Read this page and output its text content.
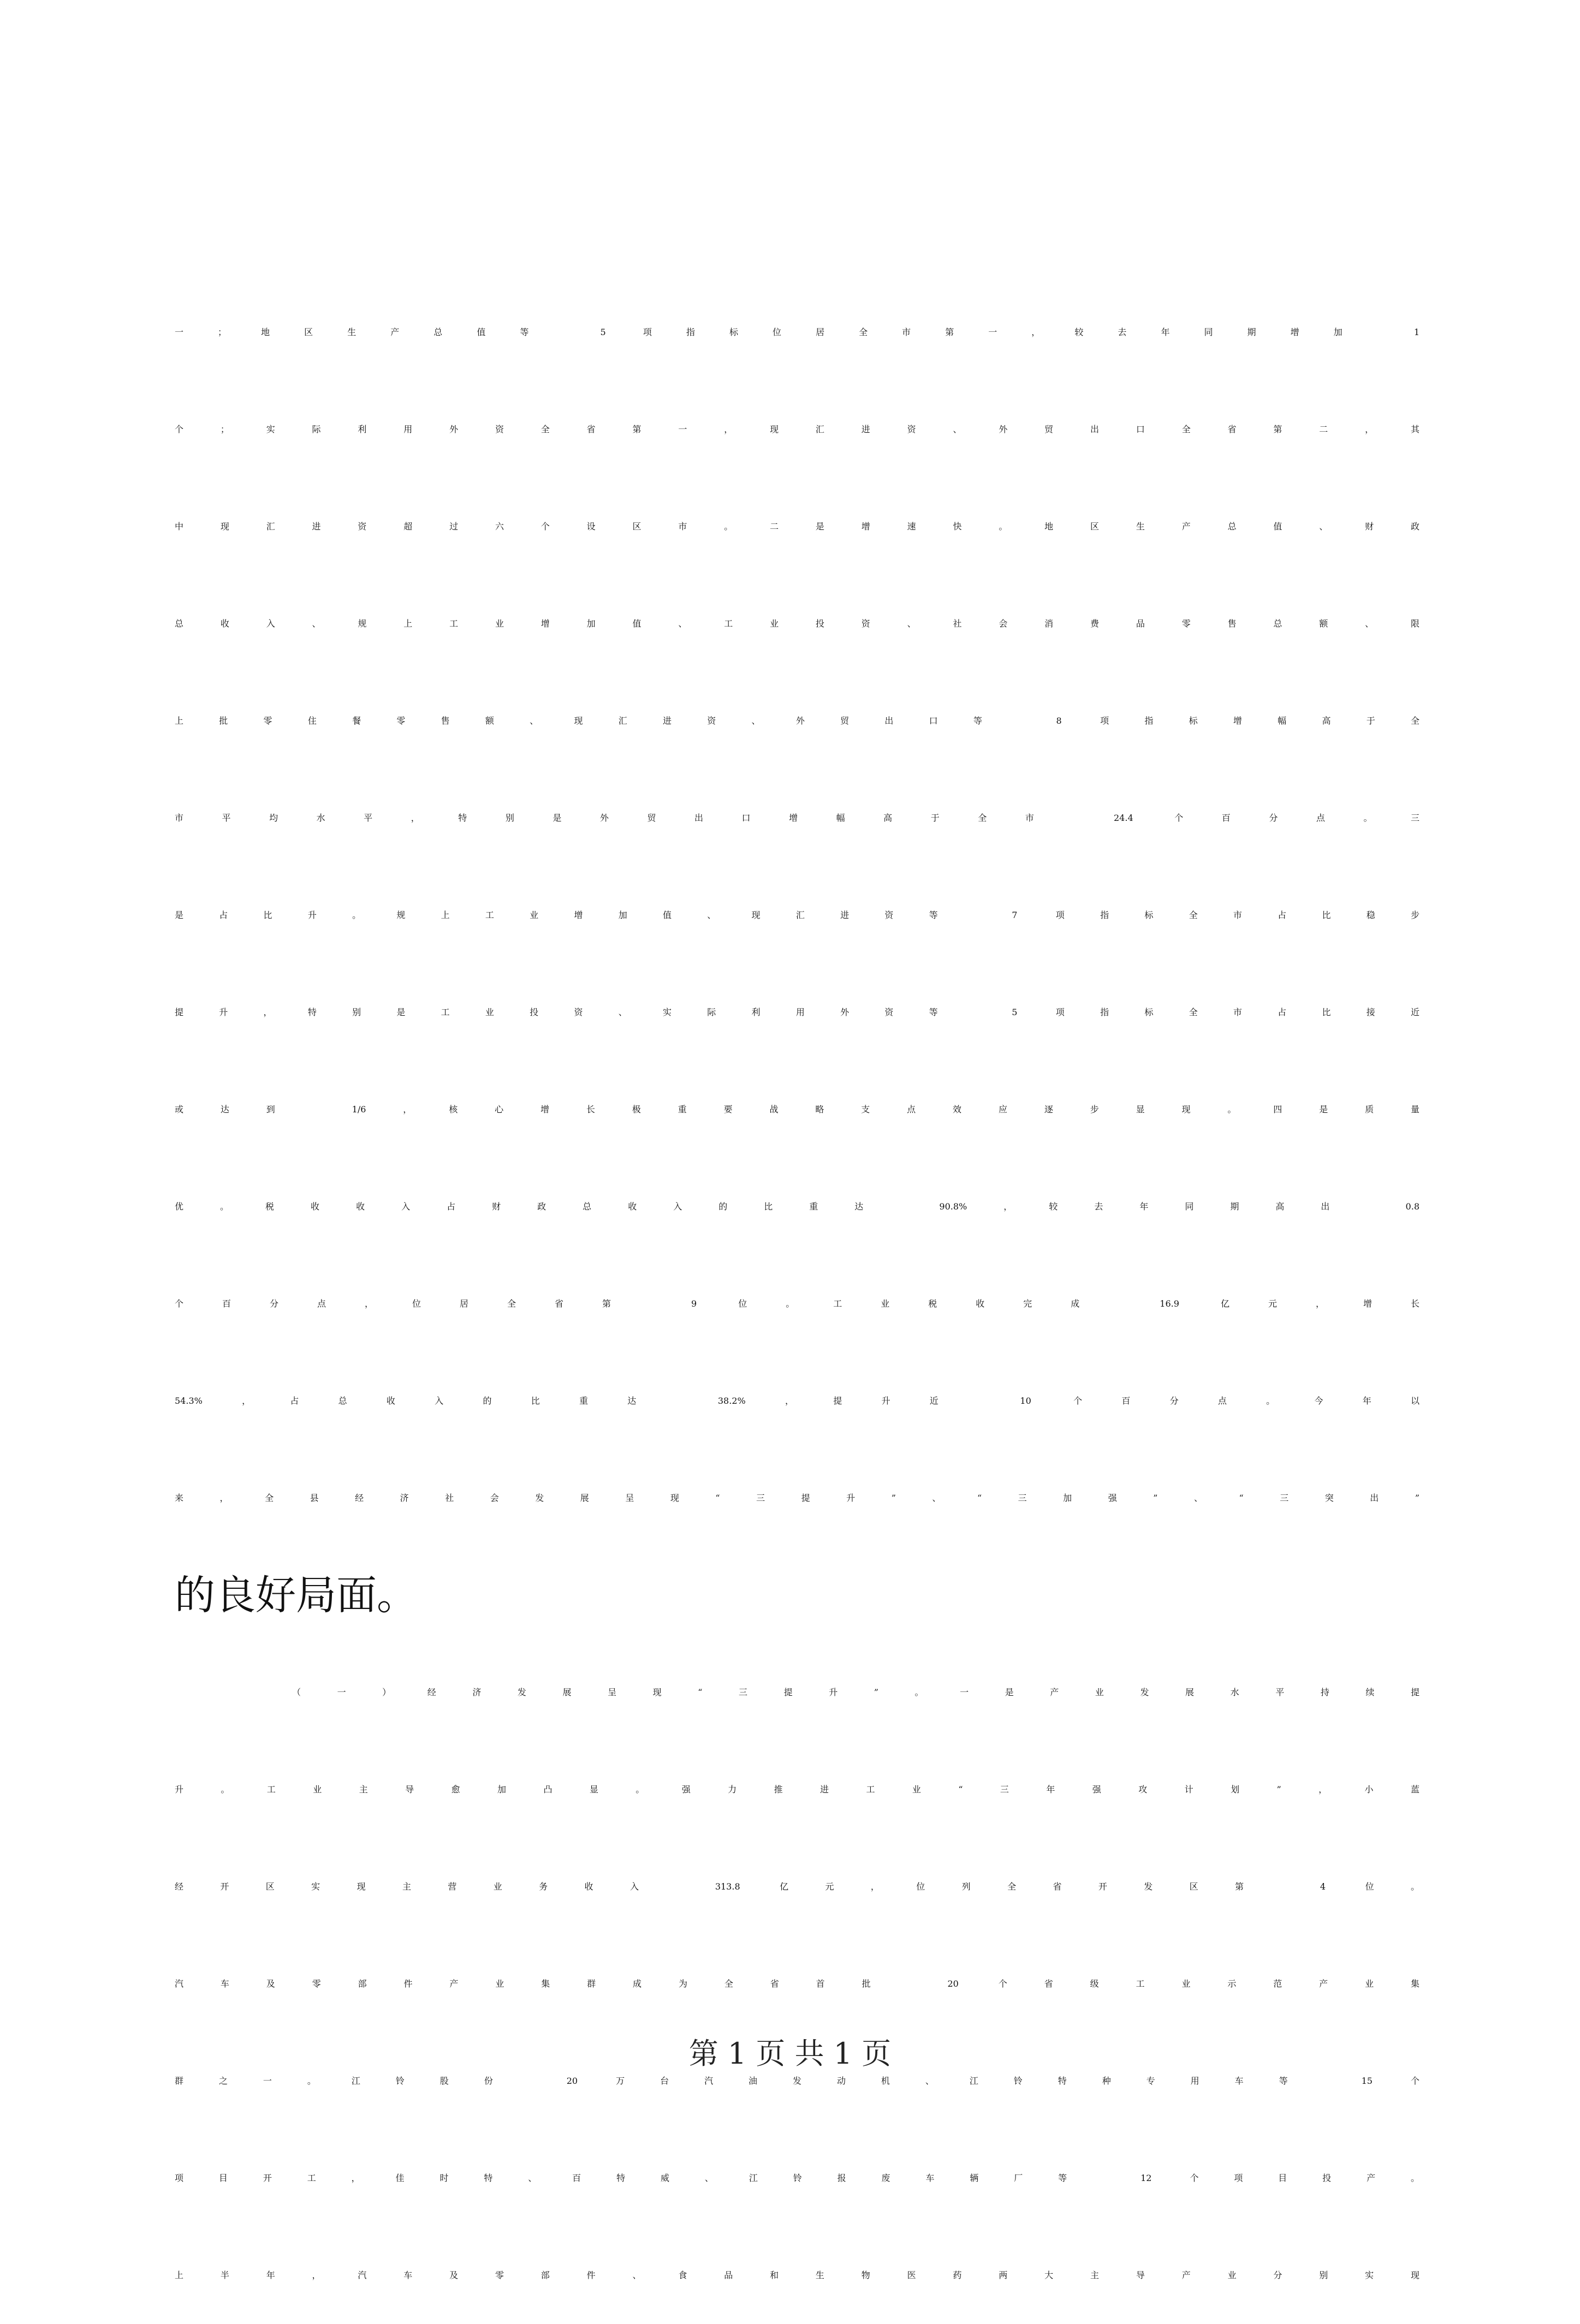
一；地区生产总值等 5 项指标位居全市第一，较去年同期增加 1
个；实际利用外资全省第一，现汇进资、外贸出口全省第二，其
中现汇进资超过六个设区市。二是增速快。地区生产总值、财政
总收入、规上工业增加值、工业投资、社会消费品零售总额、限
上批零住餐零售额、现汇进资、外贸出口等 8 项指标增幅高于全
市平均水平，特别是外贸出口增幅高于全市 24.4 个百分点。三
是占比升。规上工业增加值、现汇进资等 7 项指标全市占比稳步
提升，特别是工业投资、实际利用外资等 5 项指标全市占比接近
或达到 1/6，核心增长极重要战略支点效应逐步显现。四是质量
优。税收收入占财政总收入的比重达 90.8%，较去年同期高出 0.8
个百分点，位居全省第 9 位。工业税收完成 16.9 亿元，增长
54.3%，占总收入的比重达 38.2%，提升近 10 个百分点。今年以
来，全县经济社会发展呈现“三提升”、“三加强”、“三突出”
的良好局面。
（一）经济发展呈现“三提升”。一是产业发展水平持续提
升。工业主导愈加凸显。强力推进工业“三年强攻计划”，小蓝
经开区实现主营业务收入 313.8 亿元，位列全省开发区第 4 位。
汽车及零部件产业集群成为全省首批 20 个省级工业示范产业集
群之一。江铃股份 20 万台汽油发动机、江铃特种专用车等 15 个
项目开工，佳时特、百特威、江铃报废车辆厂等 12 个项目投产。
上半年，汽车及零部件、食品和生物医药两大主导产业分别实现
第 1 页 共 1 页
